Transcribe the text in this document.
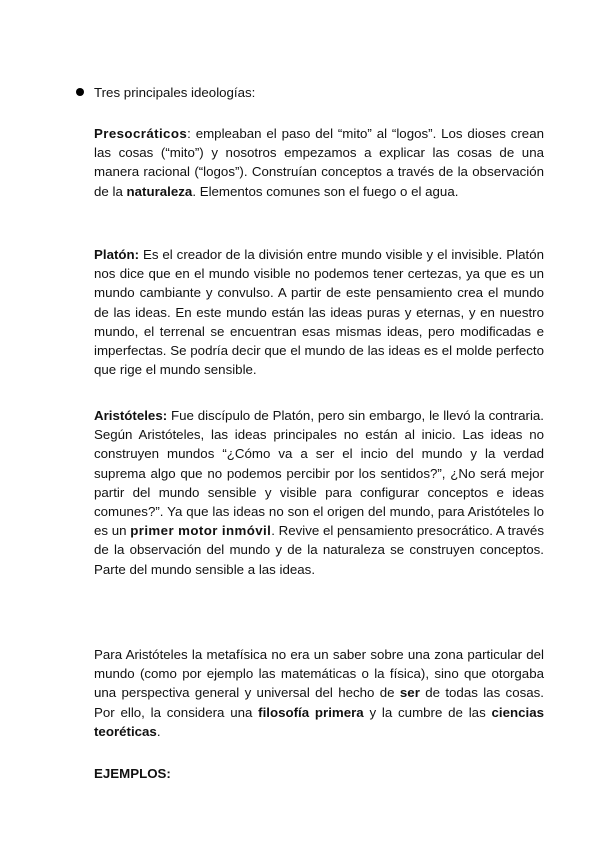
Tres principales ideologías:

Presocráticos: empleaban el paso del “mito” al “logos”. Los dioses crean las cosas (“mito”) y nosotros empezamos a explicar las cosas de una manera racional (“logos”). Construían conceptos a través de la observación de la naturaleza. Elementos comunes son el fuego o el agua.

Platón: Es el creador de la división entre mundo visible y el invisible. Platón nos dice que en el mundo visible no podemos tener certezas, ya que es un mundo cambiante y convulso. A partir de este pensamiento crea el mundo de las ideas. En este mundo están las ideas puras y eternas, y en nuestro mundo, el terrenal se encuentran esas mismas ideas, pero modificadas e imperfectas. Se podría decir que el mundo de las ideas es el molde perfecto que rige el mundo sensible.

Aristóteles: Fue discípulo de Platón, pero sin embargo, le llevó la contraria. Según Aristóteles, las ideas principales no están al inicio. Las ideas no construyen mundos “¿Cómo va a ser el incio del mundo y la verdad suprema algo que no podemos percibir por los sentidos?”, ¿No será mejor partir del mundo sensible y visible para configurar conceptos e ideas comunes?”. Ya que las ideas no son el origen del mundo, para Aristóteles lo es un primer motor inmóvil. Revive el pensamiento presocrático. A través de la observación del mundo y de la naturaleza se construyen conceptos. Parte del mundo sensible a las ideas.

Para Aristóteles la metafísica no era un saber sobre una zona particular del mundo (como por ejemplo las matemáticas o la física), sino que otorgaba una perspectiva general y universal del hecho de ser de todas las cosas. Por ello, la considera una filosofía primera y la cumbre de las ciencias teoréticas.

EJEMPLOS:
